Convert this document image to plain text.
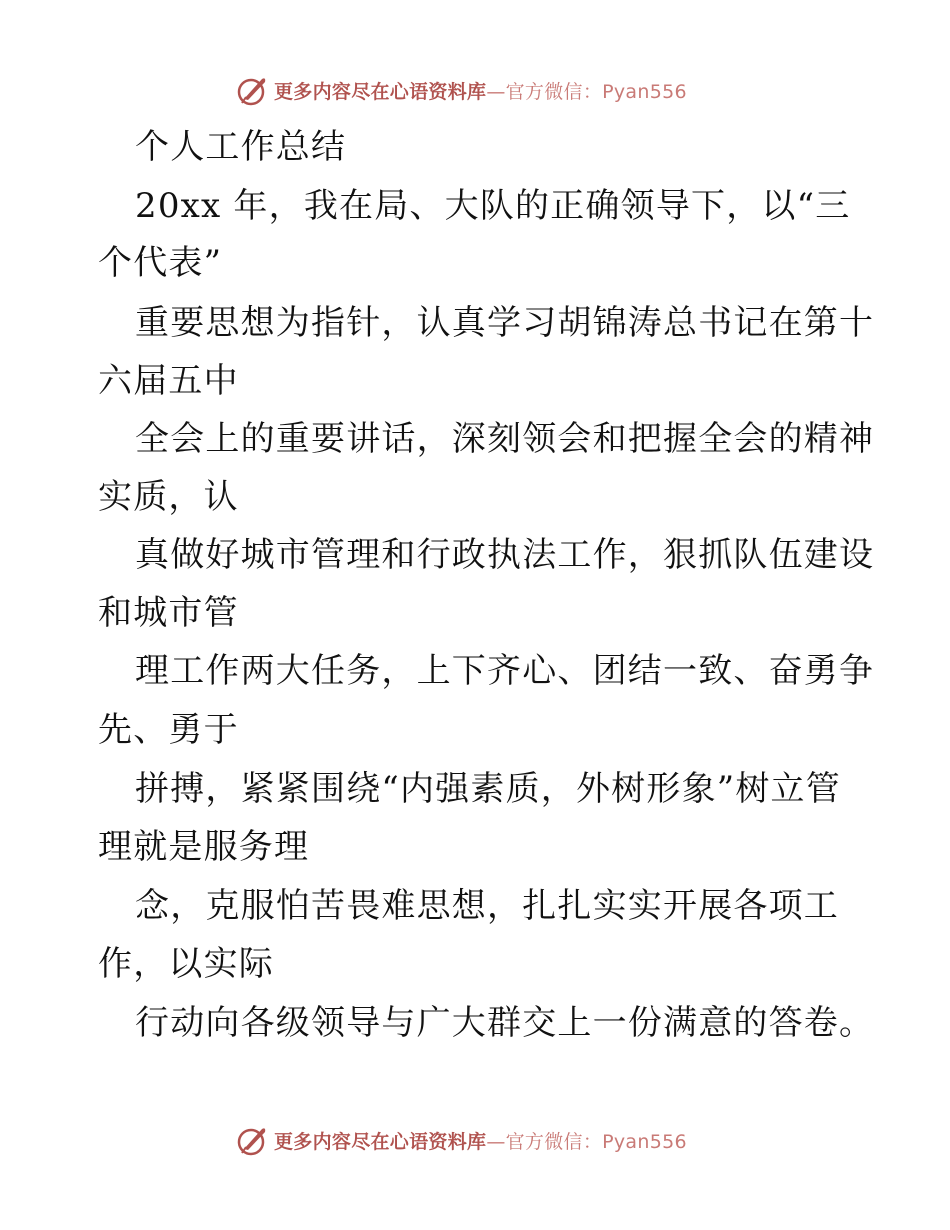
更多内容尽在心语资料库—官方微信：Pyan556
个人工作总结
20xx 年，我在局、大队的正确领导下，以“三
个代表”
重要思想为指针，认真学习胡锦涛总书记在第十
六届五中
全会上的重要讲话，深刻领会和把握全会的精神
实质，认
真做好城市管理和行政执法工作，狠抓队伍建设
和城市管
理工作两大任务，上下齐心、团结一致、奋勇争
先、勇于
拼搏，紧紧围绕“内强素质，外树形象”树立管
理就是服务理
念，克服怕苦畏难思想，扎扎实实开展各项工
作，以实际
行动向各级领导与广大群交上一份满意的答卷。
更多内容尽在心语资料库—官方微信：Pyan556
